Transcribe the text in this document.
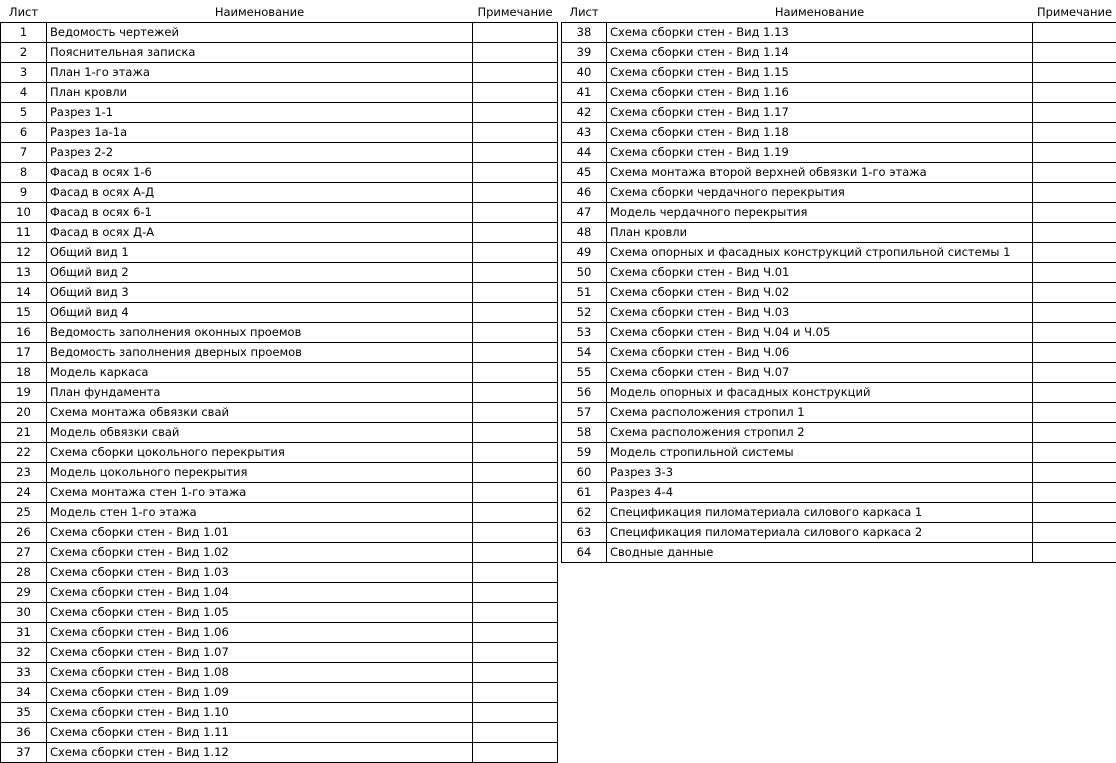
Лист	Наименование	Примечание
1	Ведомость чертежей	
2	Пояснительная записка	
3	План 1-го этажа	
4	План кровли	
5	Разрез 1-1	
6	Разрез 1а-1а	
7	Разрез 2-2	
8	Фасад в осях 1-6	
9	Фасад в осях А-Д	
10	Фасад в осях 6-1	
11	Фасад в осях Д-А	
12	Общий вид 1	
13	Общий вид 2	
14	Общий вид 3	
15	Общий вид 4	
16	Ведомость заполнения оконных проемов	
17	Ведомость заполнения дверных проемов	
18	Модель каркаса	
19	План фундамента	
20	Схема монтажа обвязки свай	
21	Модель обвязки свай	
22	Схема сборки цокольного перекрытия	
23	Модель цокольного перекрытия	
24	Схема монтажа стен 1-го этажа	
25	Модель стен 1-го этажа	
26	Схема сборки стен - Вид 1.01	
27	Схема сборки стен - Вид 1.02	
28	Схема сборки стен - Вид 1.03	
29	Схема сборки стен - Вид 1.04	
30	Схема сборки стен - Вид 1.05	
31	Схема сборки стен - Вид 1.06	
32	Схема сборки стен - Вид 1.07	
33	Схема сборки стен - Вид 1.08	
34	Схема сборки стен - Вид 1.09	
35	Схема сборки стен - Вид 1.10	
36	Схема сборки стен - Вид 1.11	
37	Схема сборки стен - Вид 1.12	
Лист	Наименование	Примечание
38	Схема сборки стен - Вид 1.13	
39	Схема сборки стен - Вид 1.14	
40	Схема сборки стен - Вид 1.15	
41	Схема сборки стен - Вид 1.16	
42	Схема сборки стен - Вид 1.17	
43	Схема сборки стен - Вид 1.18	
44	Схема сборки стен - Вид 1.19	
45	Схема монтажа второй верхней обвязки 1-го этажа	
46	Схема сборки чердачного перекрытия	
47	Модель чердачного перекрытия	
48	План кровли	
49	Схема опорных и фасадных конструкций стропильной системы 1	
50	Схема сборки стен - Вид Ч.01	
51	Схема сборки стен - Вид Ч.02	
52	Схема сборки стен - Вид Ч.03	
53	Схема сборки стен - Вид Ч.04 и Ч.05	
54	Схема сборки стен - Вид Ч.06	
55	Схема сборки стен - Вид Ч.07	
56	Модель опорных и фасадных конструкций	
57	Схема расположения стропил 1	
58	Схема расположения стропил 2	
59	Модель стропильной системы	
60	Разрез 3-3	
61	Разрез 4-4	
62	Спецификация пиломатериала силового каркаса 1	
63	Спецификация пиломатериала силового каркаса 2	
64	Сводные данные	
